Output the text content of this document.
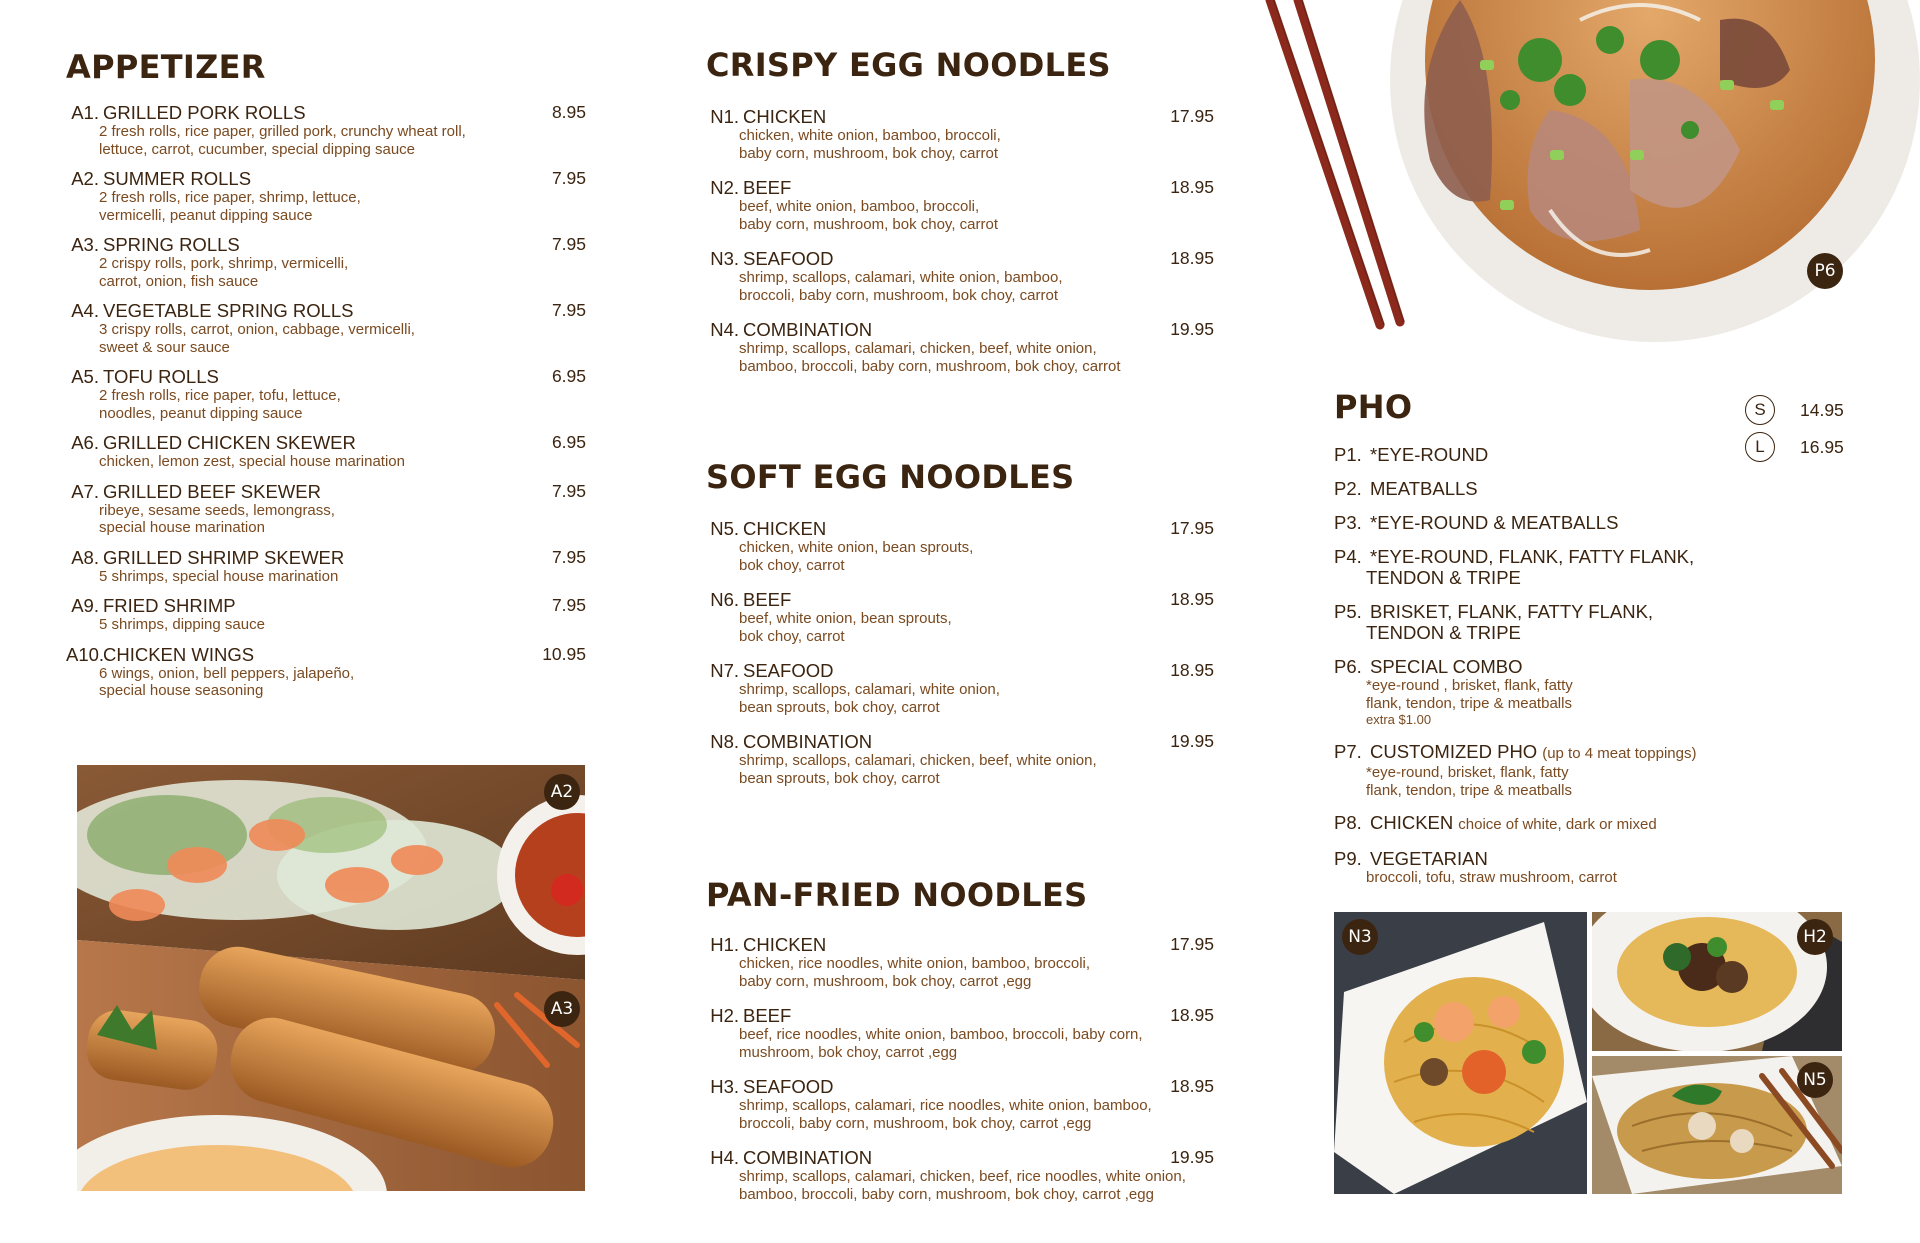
APPETIZER
A1. GRILLED PORK ROLLS	8.95
2 fresh rolls, rice paper, grilled pork, crunchy wheat roll,
lettuce, carrot, cucumber, special dipping sauce
A2. SUMMER ROLLS	7.95
2 fresh rolls, rice paper, shrimp, lettuce,
vermicelli, peanut dipping sauce
A3. SPRING ROLLS	7.95
2 crispy rolls, pork, shrimp, vermicelli,
carrot, onion, fish sauce
A4. VEGETABLE SPRING ROLLS	7.95
3 crispy rolls, carrot, onion, cabbage, vermicelli,
sweet & sour sauce
A5. TOFU ROLLS	6.95
2 fresh rolls, rice paper, tofu, lettuce,
noodles, peanut dipping sauce
A6. GRILLED CHICKEN SKEWER	6.95
chicken, lemon zest, special house marination
A7. GRILLED BEEF SKEWER	7.95
ribeye, sesame seeds, lemongrass,
special house marination
A8. GRILLED SHRIMP SKEWER	7.95
5 shrimps, special house marination
A9. FRIED SHRIMP	7.95
5 shrimps, dipping sauce
A10.
CHICKEN WINGS	10.95
6 wings, onion, bell peppers, jalapeño,
special house seasoning
CRISPY EGG NOODLES
N1. CHICKEN	17.95
chicken, white onion, bamboo, broccoli,
baby corn, mushroom, bok choy, carrot
N2. BEEF	18.95
beef, white onion, bamboo, broccoli,
baby corn, mushroom, bok choy, carrot
N3. SEAFOOD	18.95
shrimp, scallops, calamari, white onion, bamboo,
broccoli, baby corn, mushroom, bok choy, carrot
N4. COMBINATION	19.95
shrimp, scallops, calamari, chicken, beef, white onion,
bamboo, broccoli, baby corn, mushroom, bok choy, carrot
SOFT EGG NOODLES
N5. CHICKEN	17.95
chicken, white onion, bean sprouts,
bok choy, carrot
N6. BEEF	18.95
beef, white onion, bean sprouts,
bok choy, carrot
N7. SEAFOOD	18.95
shrimp, scallops, calamari, white onion,
bean sprouts, bok choy, carrot
N8. COMBINATION	19.95
shrimp, scallops, calamari, chicken, beef, white onion,
bean sprouts, bok choy, carrot
PAN-FRIED NOODLES
H1. CHICKEN	17.95
chicken, rice noodles, white onion, bamboo, broccoli,
baby corn, mushroom, bok choy, carrot ,egg
H2. BEEF	18.95
beef, rice noodles, white onion, bamboo, broccoli, baby corn,
mushroom, bok choy, carrot ,egg
H3. SEAFOOD	18.95
shrimp, scallops, calamari, rice noodles, white onion, bamboo,
broccoli, baby corn, mushroom, bok choy, carrot ,egg
H4. COMBINATION	19.95
shrimp, scallops, calamari, chicken, beef, rice noodles, white onion,
bamboo, broccoli, baby corn, mushroom, bok choy, carrot ,egg
PHO
P1. *EYE-ROUND
P2. MEATBALLS
P3. *EYE-ROUND & MEATBALLS
P4. *EYE-ROUND, FLANK, FATTY FLANK,
TENDON & TRIPE
P5. BRISKET, FLANK, FATTY FLANK,
TENDON & TRIPE
P6. SPECIAL COMBO
*eye-round , brisket, flank, fatty
flank, tendon, tripe & meatballs
extra $1.00
P7. CUSTOMIZED PHO (up to 4 meat toppings)
*eye-round, brisket, flank, fatty
flank, tendon, tripe & meatballs
P8. CHICKEN choice of white, dark or mixed
P9. VEGETARIAN
broccoli, tofu, straw mushroom, carrot
S	14.95
L	16.95
A2
A3
P6
N3	H2
N5
